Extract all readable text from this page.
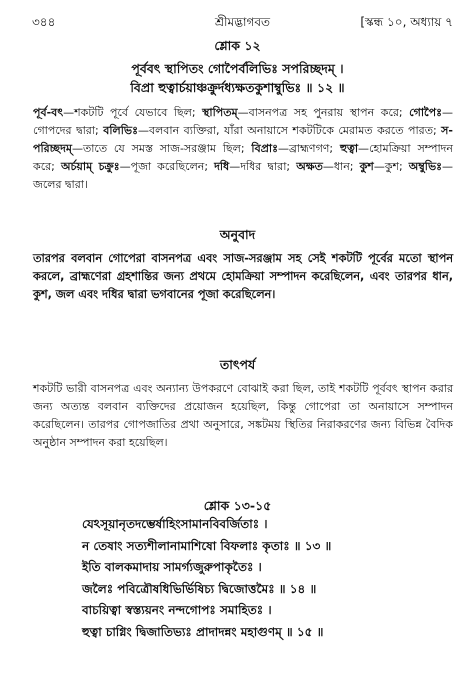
৩৪৪	শ্রীমদ্ভাগবত	[স্কন্ধ ১০, অধ্যায় ৭
শ্লোক ১২
পূর্ববৎ স্থাপিতং গোপৈর্বলিভিঃ সপরিচ্ছদম্ ।
বিপ্রা হুত্বার্চয়াঞ্চক্রুর্দধ্যক্ষতকুশাম্বুভিঃ ॥ ১২ ॥
পূর্ব-বৎ—শকটটি পূর্বে যেভাবে ছিল; স্থাপিতম্—বাসনপত্র সহ পুনরায় স্থাপন করে; গোপৈঃ—গোপদের দ্বারা; বলিভিঃ—বলবান ব্যক্তিরা, যাঁরা অনায়াসে শকটটিকে মেরামত করতে পারত; স-পরিচ্ছদম্—তাতে যে সমস্ত সাজ-সরঞ্জাম ছিল; বিপ্রাঃ—ব্রাহ্মণগণ; হুত্বা—হোমক্রিয়া সম্পাদন করে; অর্চয়াম্ চক্রুঃ—পূজা করেছিলেন; দধি—দধির দ্বারা; অক্ষত—ধান; কুশ—কুশ; অম্বুভিঃ—জলের দ্বারা।
অনুবাদ
তারপর বলবান গোপেরা বাসনপত্র এবং সাজ-সরঞ্জাম সহ সেই শকটটি পূর্বের মতো স্থাপন করলে, ব্রাহ্মণেরা গ্রহশান্তির জন্য প্রথমে হোমক্রিয়া সম্পাদন করেছিলেন, এবং তারপর ধান, কুশ, জল এবং দধির দ্বারা ভগবানের পূজা করেছিলেন।
তাৎপর্য
শকটটি ভারী বাসনপত্র এবং অন্যান্য উপকরণে বোঝাই করা ছিল, তাই শকটটি পূর্ববৎ স্থাপন করার জন্য অত্যন্ত বলবান ব্যক্তিদের প্রয়োজন হয়েছিল, কিন্তু গোপেরা তা অনায়াসে সম্পাদন করেছিলেন। তারপর গোপজাতির প্রথা অনুসারে, সঙ্কটময় স্থিতির নিরাকরণের জন্য বিভিন্ন বৈদিক অনুষ্ঠান সম্পাদন করা হয়েছিল।
শ্লোক ১৩-১৫
যেঽসূয়ানৃতদম্ভের্ষাহিংসামানবিবর্জিতাঃ ।
ন তেষাং সত্যশীলানামাশিষো বিফলাঃ কৃতাঃ ॥ ১৩ ॥
ইতি বালকমাদায় সামর্গ্যজুরুপাকৃতৈঃ ।
জলৈঃ পবিত্রৌষধিভির্ভিষিচ্য দ্বিজোত্তমৈঃ ॥ ১৪ ॥
বাচয়িত্বা স্বস্ত্যয়নং নন্দগোপঃ সমাহিতঃ ।
হুত্বা চাগ্নিং দ্বিজাতিভ্যঃ প্রাদাদন্নং মহাগুণম্ ॥ ১৫ ॥
